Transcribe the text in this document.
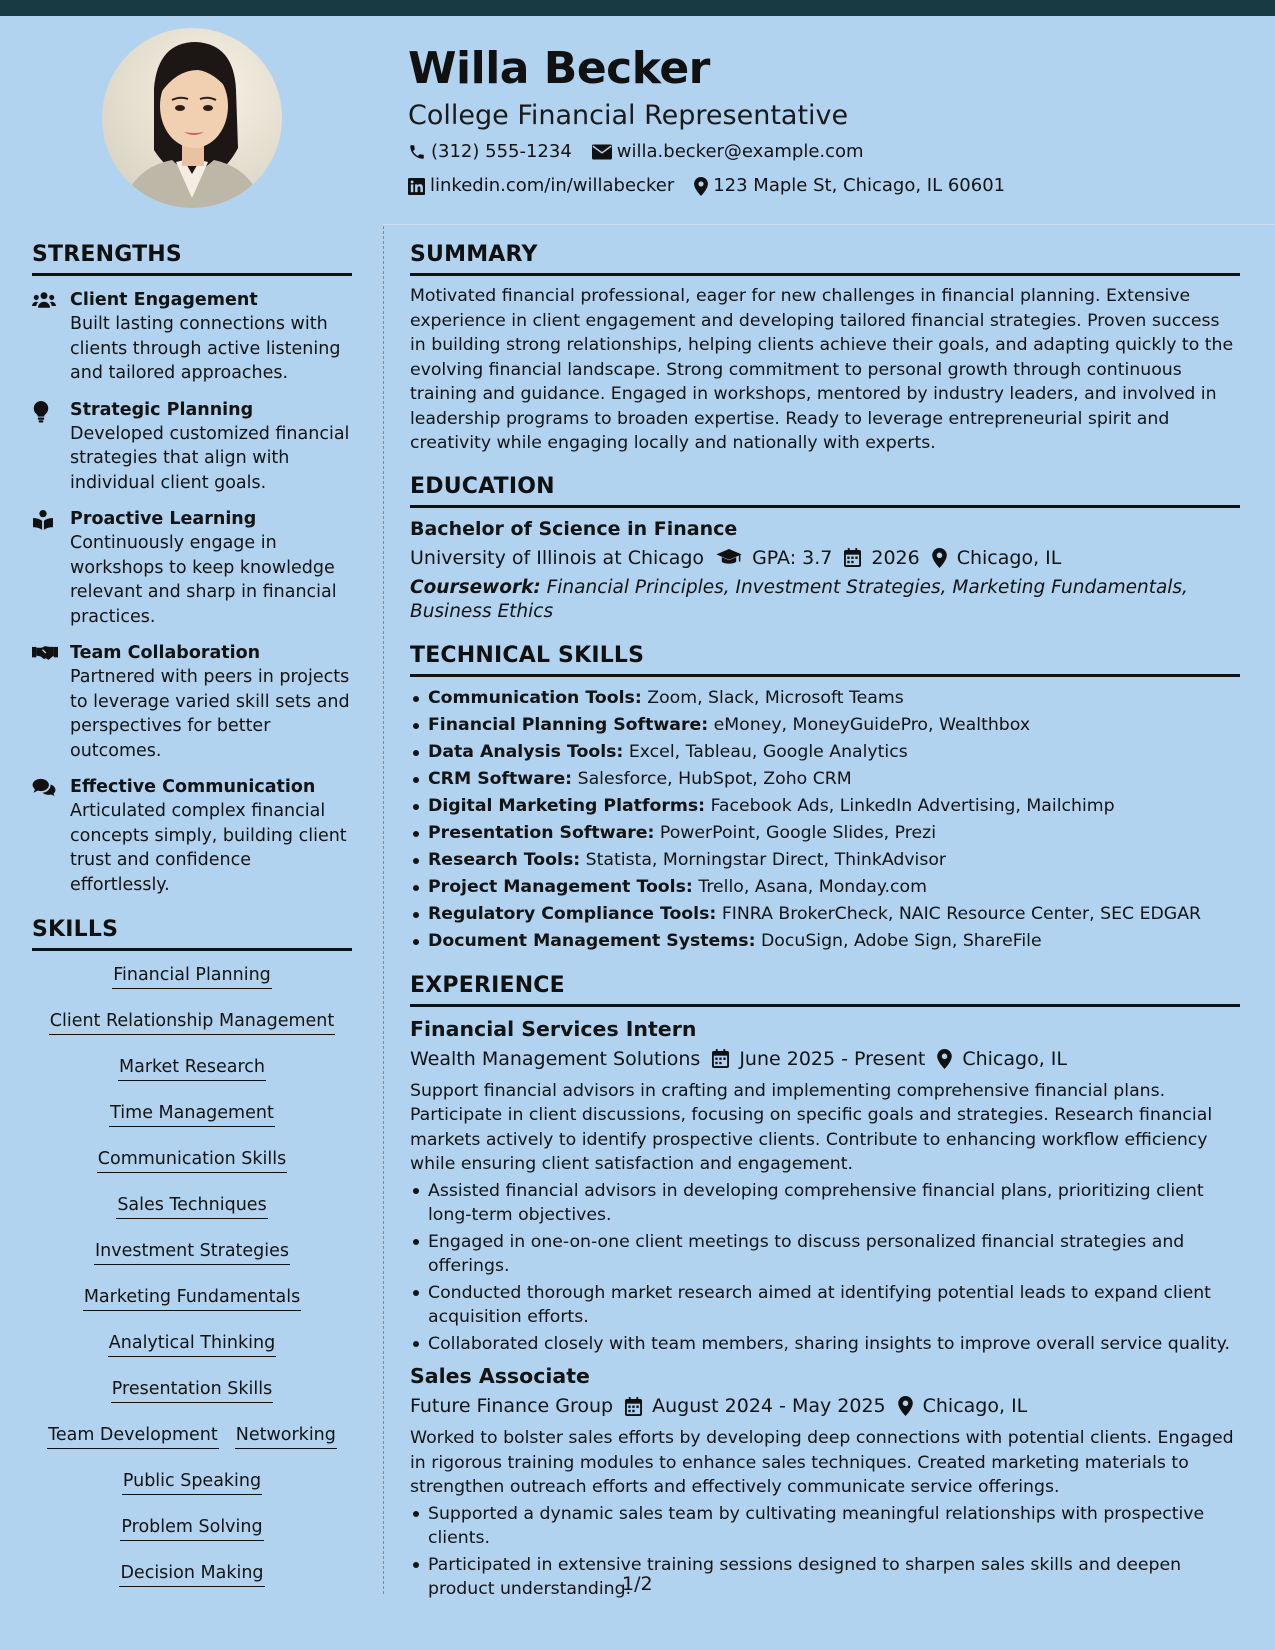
Willa Becker
College Financial Representative
(312) 555-1234	willa.becker@example.com
linkedin.com/in/willabecker 123 Maple St, Chicago, IL 60601
STRENGTHS
Client Engagement
Built lasting connections with clients through active listening and tailored approaches.
Strategic Planning
Developed customized financial strategies that align with individual client goals.
Proactive Learning
Continuously engage in workshops to keep knowledge relevant and sharp in financial practices.
Team Collaboration
Partnered with peers in projects to leverage varied skill sets and perspectives for better outcomes.
Effective Communication
Articulated complex financial concepts simply, building client trust and confidence effortlessly.
SKILLS
Financial Planning
Client Relationship Management
Market Research
Time Management
Communication Skills
Sales Techniques
Investment Strategies
Marketing Fundamentals
Analytical Thinking
Presentation Skills
Team Development Networking
Public Speaking
Problem Solving
Decision Making
SUMMARY
Motivated financial professional, eager for new challenges in financial planning. Extensive experience in client engagement and developing tailored financial strategies. Proven success in building strong relationships, helping clients achieve their goals, and adapting quickly to the evolving financial landscape. Strong commitment to personal growth through continuous training and guidance. Engaged in workshops, mentored by industry leaders, and involved in leadership programs to broaden expertise. Ready to leverage entrepreneurial spirit and creativity while engaging locally and nationally with experts.
EDUCATION
Bachelor of Science in Finance
University of Illinois at Chicago	GPA: 3.7 2026 Chicago, IL
Coursework: Financial Principles, Investment Strategies, Marketing Fundamentals, Business Ethics
TECHNICAL SKILLS
Communication Tools: Zoom, Slack, Microsoft Teams
Financial Planning Software: eMoney, MoneyGuidePro, Wealthbox
Data Analysis Tools: Excel, Tableau, Google Analytics
CRM Software: Salesforce, HubSpot, Zoho CRM
Digital Marketing Platforms: Facebook Ads, LinkedIn Advertising, Mailchimp
Presentation Software: PowerPoint, Google Slides, Prezi
Research Tools: Statista, Morningstar Direct, ThinkAdvisor
Project Management Tools: Trello, Asana, Monday.com
Regulatory Compliance Tools: FINRA BrokerCheck, NAIC Resource Center, SEC EDGAR
Document Management Systems: DocuSign, Adobe Sign, ShareFile
EXPERIENCE
Financial Services Intern
Wealth Management Solutions June 2025 - Present Chicago, IL
Support financial advisors in crafting and implementing comprehensive financial plans. Participate in client discussions, focusing on specific goals and strategies. Research financial markets actively to identify prospective clients. Contribute to enhancing workflow efficiency while ensuring client satisfaction and engagement.
Assisted financial advisors in developing comprehensive financial plans, prioritizing client long-term objectives.
Engaged in one-on-one client meetings to discuss personalized financial strategies and offerings.
Conducted thorough market research aimed at identifying potential leads to expand client acquisition efforts.
Collaborated closely with team members, sharing insights to improve overall service quality.
Sales Associate
Future Finance Group August 2024 - May 2025 Chicago, IL
Worked to bolster sales efforts by developing deep connections with potential clients. Engaged in rigorous training modules to enhance sales techniques. Created marketing materials to strengthen outreach efforts and effectively communicate service offerings.
Supported a dynamic sales team by cultivating meaningful relationships with prospective clients.
Participated in extensive training sessions designed to sharpen sales skills and deepen product understanding.
1/2
